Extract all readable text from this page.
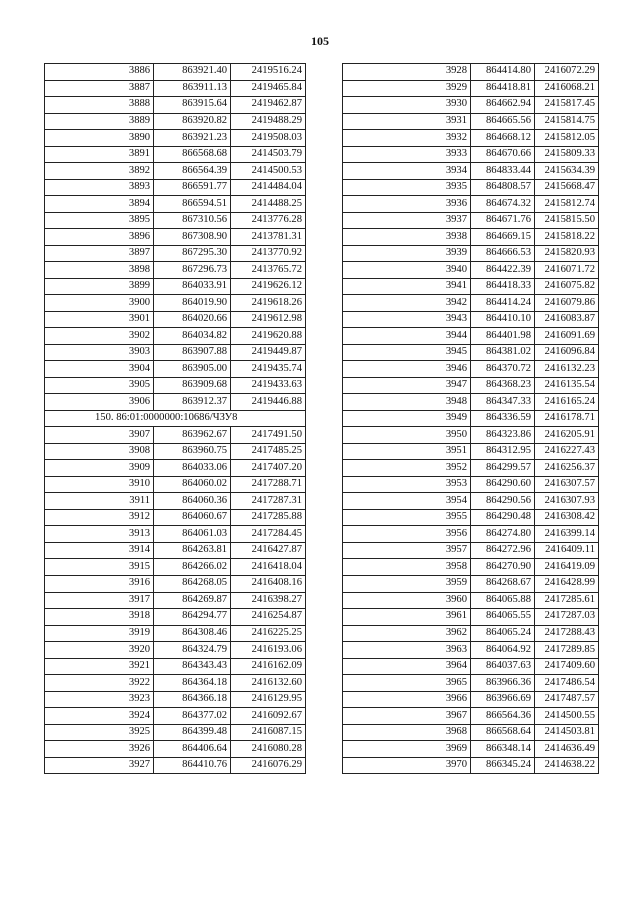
105
3886	863921.40	2419516.24
3887	863911.13	2419465.84
3888	863915.64	2419462.87
3889	863920.82	2419488.29
3890	863921.23	2419508.03
3891	866568.68	2414503.79
3892	866564.39	2414500.53
3893	866591.77	2414484.04
3894	866594.51	2414488.25
3895	867310.56	2413776.28
3896	867308.90	2413781.31
3897	867295.30	2413770.92
3898	867296.73	2413765.72
3899	864033.91	2419626.12
3900	864019.90	2419618.26
3901	864020.66	2419612.98
3902	864034.82	2419620.88
3903	863907.88	2419449.87
3904	863905.00	2419435.74
3905	863909.68	2419433.63
3906	863912.37	2419446.88
150. 86:01:0000000:10686/ЧЗУ8		
3907	863962.67	2417491.50
3908	863960.75	2417485.25
3909	864033.06	2417407.20
3910	864060.02	2417288.71
3911	864060.36	2417287.31
3912	864060.67	2417285.88
3913	864061.03	2417284.45
3914	864263.81	2416427.87
3915	864266.02	2416418.04
3916	864268.05	2416408.16
3917	864269.87	2416398.27
3918	864294.77	2416254.87
3919	864308.46	2416225.25
3920	864324.79	2416193.06
3921	864343.43	2416162.09
3922	864364.18	2416132.60
3923	864366.18	2416129.95
3924	864377.02	2416092.67
3925	864399.48	2416087.15
3926	864406.64	2416080.28
3927	864410.76	2416076.29
3928	864414.80	2416072.29
3929	864418.81	2416068.21
3930	864662.94	2415817.45
3931	864665.56	2415814.75
3932	864668.12	2415812.05
3933	864670.66	2415809.33
3934	864833.44	2415634.39
3935	864808.57	2415668.47
3936	864674.32	2415812.74
3937	864671.76	2415815.50
3938	864669.15	2415818.22
3939	864666.53	2415820.93
3940	864422.39	2416071.72
3941	864418.33	2416075.82
3942	864414.24	2416079.86
3943	864410.10	2416083.87
3944	864401.98	2416091.69
3945	864381.02	2416096.84
3946	864370.72	2416132.23
3947	864368.23	2416135.54
3948	864347.33	2416165.24
3949	864336.59	2416178.71
3950	864323.86	2416205.91
3951	864312.95	2416227.43
3952	864299.57	2416256.37
3953	864290.60	2416307.57
3954	864290.56	2416307.93
3955	864290.48	2416308.42
3956	864274.80	2416399.14
3957	864272.96	2416409.11
3958	864270.90	2416419.09
3959	864268.67	2416428.99
3960	864065.88	2417285.61
3961	864065.55	2417287.03
3962	864065.24	2417288.43
3963	864064.92	2417289.85
3964	864037.63	2417409.60
3965	863966.36	2417486.54
3966	863966.69	2417487.57
3967	866564.36	2414500.55
3968	866568.64	2414503.81
3969	866348.14	2414636.49
3970	866345.24	2414638.22
